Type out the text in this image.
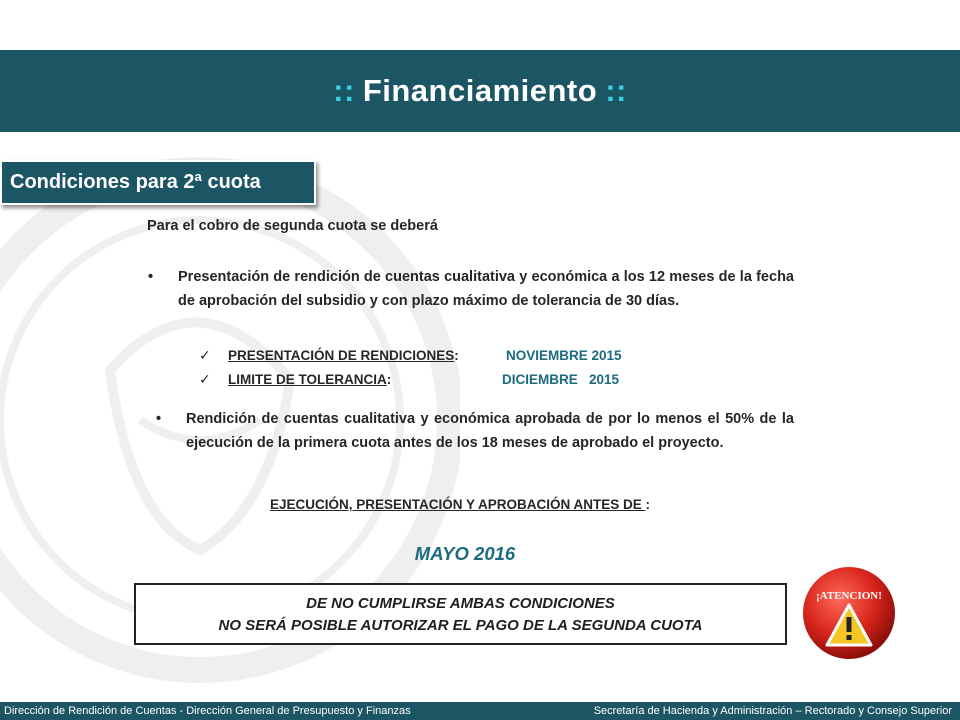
:: Financiamiento ::
Condiciones para 2ª cuota
Para el cobro de segunda cuota se deberá
• Presentación de rendición de cuentas cualitativa y económica a los 12 meses de la fecha de aprobación del subsidio y con plazo máximo de tolerancia de 30 días.
✓ PRESENTACIÓN DE RENDICIONES:	NOVIEMBRE 2015
✓ LIMITE DE TOLERANCIA:	DICIEMBRE   2015
• Rendición de cuentas cualitativa y económica aprobada de por lo menos el 50% de la ejecución de la primera cuota antes de los 18 meses de aprobado el proyecto.
EJECUCIÓN, PRESENTACIÓN Y APROBACIÓN ANTES DE :
MAYO 2016
DE NO CUMPLIRSE AMBAS CONDICIONES
NO SERÁ POSIBLE AUTORIZAR EL PAGO DE LA SEGUNDA CUOTA
¡ATENCION!
Dirección de Rendición de Cuentas - Dirección General de Presupuesto y Finanzas	Secretaría de Hacienda y Administración – Rectorado y Consejo Superior
